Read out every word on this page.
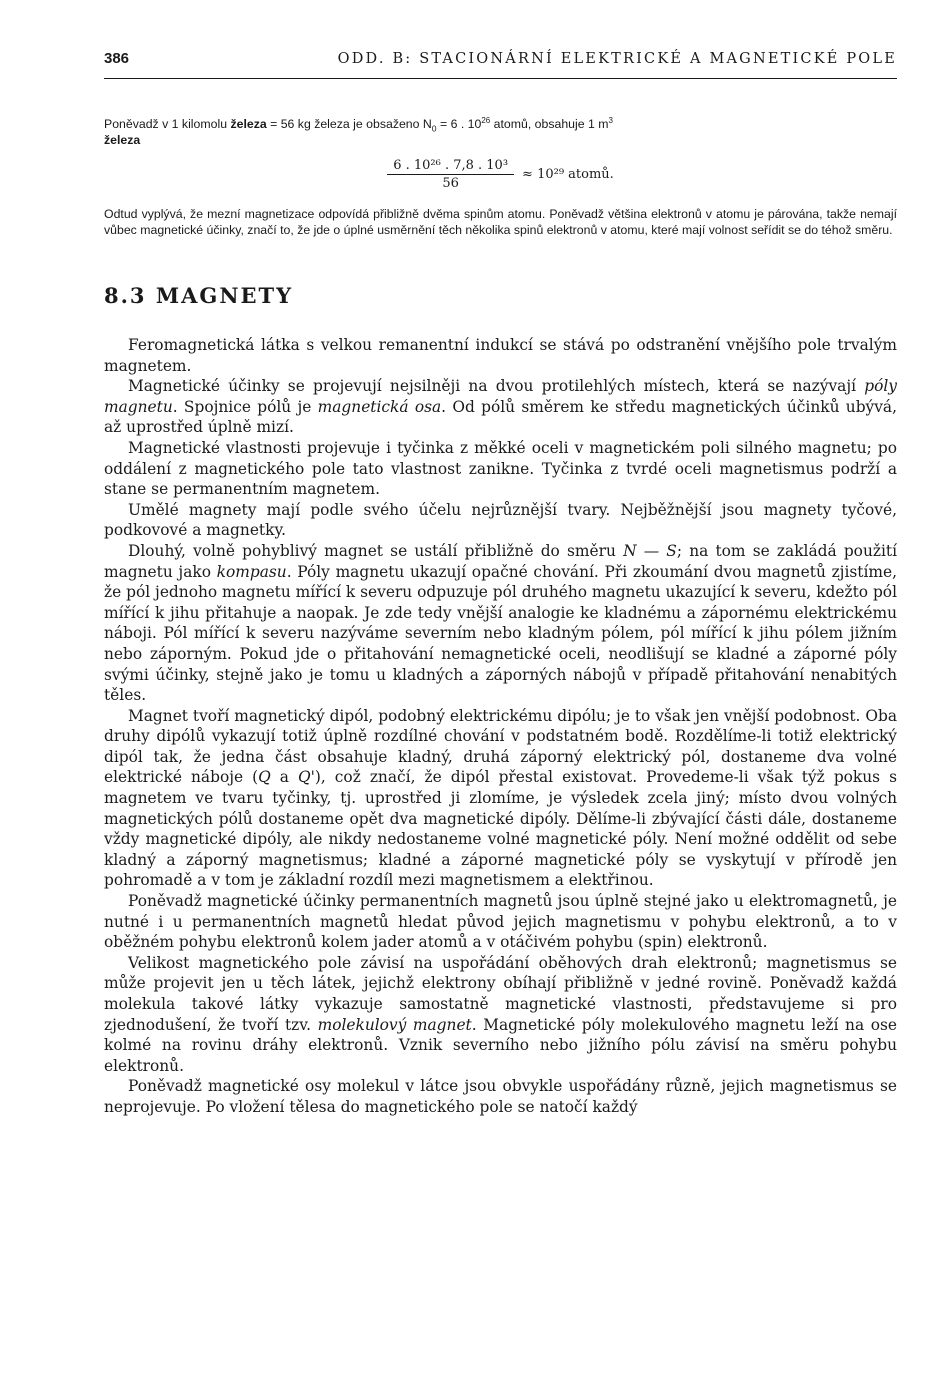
386	ODD. B: STACIONÁRNÍ ELEKTRICKÉ A MAGNETICKÉ POLE

Poněvadž v 1 kilomolu železa = 56 kg železa je obsaženo $N_0 = 6$ . $10^{26}$ atomů, obsahuje 1 $m^3$
železa

$\frac{\text{6 . 10²⁶ . 7,8 . 10³}}{56} \approx 10^{29}$ atomů.

Odtud vyplývá, že mezní magnetizace odpovídá přibližně dvěma spinům atomu. Poněvadž většina elektronů v atomu je párována, takže nemají vůbec magnetické účinky, značí to, že jde o úplné usměrnění těch několika spinů elektronů v atomu, které mají volnost seřídit se do téhož směru.

8.3 MAGNETY

Feromagnetická látka s velkou remanentní indukcí se stává po odstranění vnějšího pole trvalým magnetem.

Magnetické účinky se projevují nejsilněji na dvou protilehlých místech, která se nazývají póly magnetu. Spojnice pólů je magnetická osa. Od pólů směrem ke středu magnetických účinků ubývá, až uprostřed úplně mizí.

Magnetické vlastnosti projevuje i tyčinka z měkké oceli v magnetickém poli silného magnetu; po oddálení z magnetického pole tato vlastnost zanikne. Tyčinka z tvrdé oceli magnetismus podrží a stane se permanentním magnetem.

Umělé magnety mají podle svého účelu nejrůznější tvary. Nejběžnější jsou magnety tyčové, podkovové a magnetky.

Dlouhý, volně pohyblivý magnet se ustálí přibližně do směru N — S; na tom se zakládá použití magnetu jako kompasu. Póly magnetu ukazují opačné chování. Při zkoumání dvou magnetů zjistíme, že pól jednoho magnetu mířící k severu odpuzuje pól druhého magnetu ukazující k severu, kdežto pól mířící k jihu přitahuje a naopak. Je zde tedy vnější analogie ke kladnému a zápornému elektrickému náboji. Pól mířící k severu nazýváme severním nebo kladným pólem, pól mířící k jihu pólem jižním nebo záporným. Pokud jde o přitahování nemagnetické oceli, neodlišují se kladné a záporné póly svými účinky, stejně jako je tomu u kladných a záporných nábojů v případě přitahování nenabitých těles.

Magnet tvoří magnetický dipól, podobný elektrickému dipólu; je to však jen vnější podobnost. Oba druhy dipólů vykazují totiž úplně rozdílné chování v podstatném bodě. Rozdělíme-li totiž elektrický dipól tak, že jedna část obsahuje kladný, druhá záporný elektrický pól, dostaneme dva volné elektrické náboje (Q a Q'), což značí, že dipól přestal existovat. Provedeme-li však týž pokus s magnetem ve tvaru tyčinky, tj. uprostřed ji zlomíme, je výsledek zcela jiný; místo dvou volných magnetických pólů dostaneme opět dva magnetické dipóly. Dělíme-li zbývající části dále, dostaneme vždy magnetické dipóly, ale nikdy nedostaneme volné magnetické póly. Není možné oddělit od sebe kladný a záporný magnetismus; kladné a záporné magnetické póly se vyskytují v přírodě jen pohromadě a v tom je základní rozdíl mezi magnetismem a elektřinou.

Poněvadž magnetické účinky permanentních magnetů jsou úplně stejné jako u elektromagnetů, je nutné i u permanentních magnetů hledat původ jejich magnetismu v pohybu elektronů, a to v oběžném pohybu elektronů kolem jader atomů a v otáčivém pohybu (spin) elektronů.

Velikost magnetického pole závisí na uspořádání oběhových drah elektronů; magnetismus se může projevit jen u těch látek, jejichž elektrony obíhají přibližně v jedné rovině. Poněvadž každá molekula takové látky vykazuje samostatně magnetické vlastnosti, představujeme si pro zjednodušení, že tvoří tzv. molekulový magnet. Magnetické póly molekulového magnetu leží na ose kolmé na rovinu dráhy elektronů. Vznik severního nebo jižního pólu závisí na směru pohybu elektronů.

Poněvadž magnetické osy molekul v látce jsou obvykle uspořádány různě, jejich magnetismus se neprojevuje. Po vložení tělesa do magnetického pole se natočí každý
